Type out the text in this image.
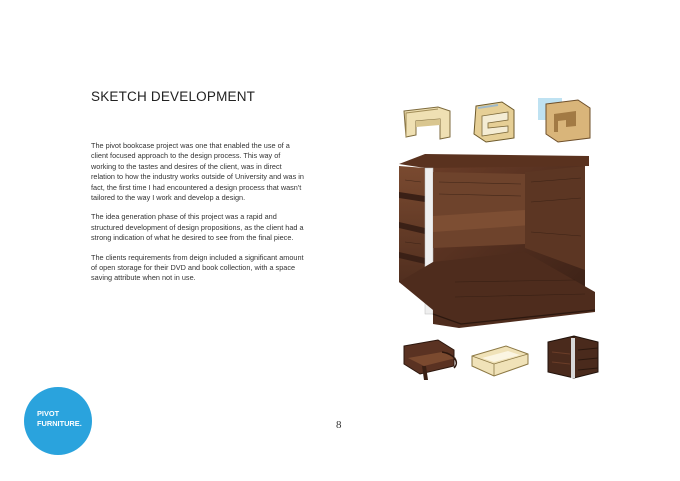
SKETCH DEVELOPMENT

The pivot bookcase project was one that enabled the use of a client focused approach to the design process. This way of working to the tastes and desires of the client, was in direct relation to how the industry works outside of University and was in fact, the first time I had encountered a design process that wasn't tailored to the way I work and develop a design.

The idea generation phase of this project was a rapid and structured development of design propositions, as the client had a strong indication of what he desired to see from the final piece.

The clients requirements from deign included a significant amount of open storage for their DVD and book collection, with a space saving attribute when not in use.

8
PIVOT
FURNITURE.
